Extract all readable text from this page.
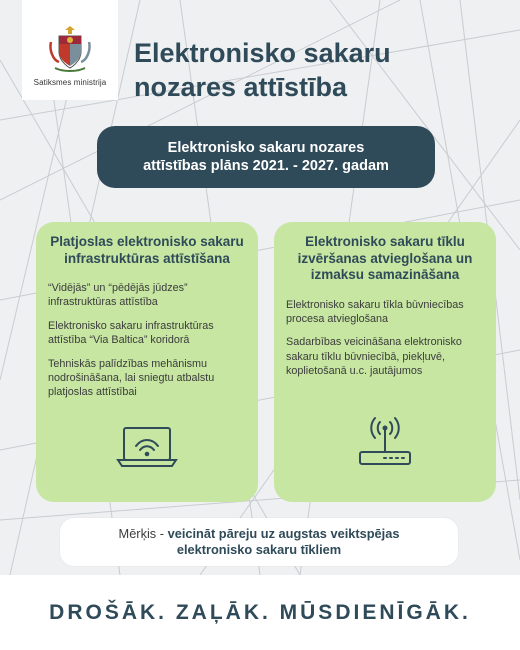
Satiksmes ministrija
Elektronisko sakaru
nozares attīstība
Elektronisko sakaru nozares
attīstības plāns 2021. - 2027. gadam
Platjoslas elektronisko sakaru infrastruktūras attīstīšana

“Vidējās” un “pēdējās jūdzes” infrastruktūras attīstība

Elektronisko sakaru infrastruktūras attīstība “Via Baltica” koridorā

Tehniskās palīdzības mehānismu nodrošināšana, lai sniegtu atbalstu platjoslas attīstībai

Elektronisko sakaru tīklu izvēršanas atvieglošana un izmaksu samazināšana

Elektronisko sakaru tīkla būvniecības procesa atvieglošana

Sadarbības veicināšana elektronisko sakaru tīklu būvniecībā, piekļuvē, koplietošanā u.c. jautājumos

Mērķis - veicināt pāreju uz augstas veiktspējas
elektronisko sakaru tīkliem
DROŠĀK. ZAĻĀK. MŪSDIENĪGĀK.
